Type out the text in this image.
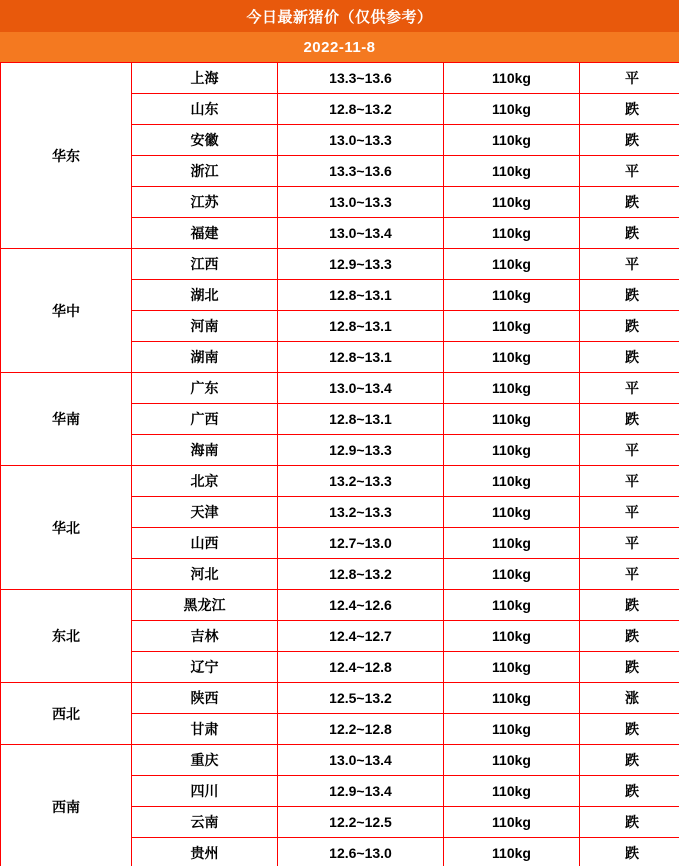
今日最新猪价（仅供参考）
2022-11-8
华东	上海	13.3~13.6	110kg	平
	山东	12.8~13.2	110kg	跌
	安徽	13.0~13.3	110kg	跌
	浙江	13.3~13.6	110kg	平
	江苏	13.0~13.3	110kg	跌
	福建	13.0~13.4	110kg	跌
华中	江西	12.9~13.3	110kg	平
	湖北	12.8~13.1	110kg	跌
	河南	12.8~13.1	110kg	跌
	湖南	12.8~13.1	110kg	跌
华南	广东	13.0~13.4	110kg	平
	广西	12.8~13.1	110kg	跌
	海南	12.9~13.3	110kg	平
华北	北京	13.2~13.3	110kg	平
	天津	13.2~13.3	110kg	平
	山西	12.7~13.0	110kg	平
	河北	12.8~13.2	110kg	平
东北	黑龙江	12.4~12.6	110kg	跌
	吉林	12.4~12.7	110kg	跌
	辽宁	12.4~12.8	110kg	跌
西北	陕西	12.5~13.2	110kg	涨
	甘肃	12.2~12.8	110kg	跌
西南	重庆	13.0~13.4	110kg	跌
	四川	12.9~13.4	110kg	跌
	云南	12.2~12.5	110kg	跌
	贵州	12.6~13.0	110kg	跌
